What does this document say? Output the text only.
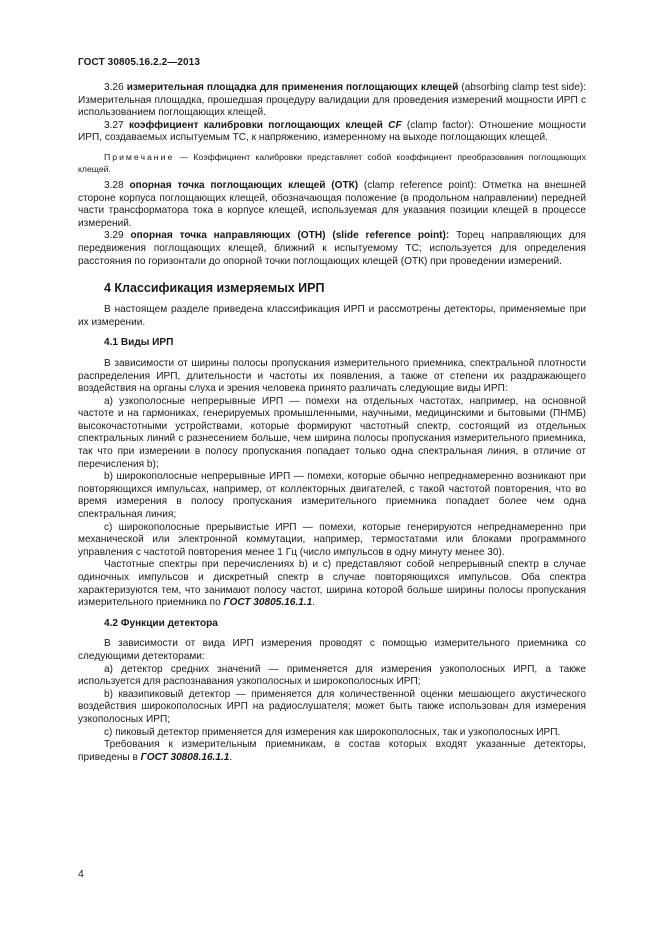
ГОСТ 30805.16.2.2—2013

3.26 измерительная площадка для применения поглощающих клещей (absorbing clamp test side): Измерительная площадка, прошедшая процедуру валидации для проведения измерений мощности ИРП с использованием поглощающих клещей.

3.27 коэффициент калибровки поглощающих клещей CF (clamp factor): Отношение мощности ИРП, создаваемых испытуемым ТС, к напряжению, измеренному на выходе поглощающих клещей.

Примечание — Коэффициент калибровки представляет собой коэффициент преобразования поглощающих клещей.

3.28 опорная точка поглощающих клещей (ОТК) (clamp reference point): Отметка на внешней стороне корпуса поглощающих клещей, обозначающая положение (в продольном направлении) передней части трансформатора тока в корпусе клещей, используемая для указания позиции клещей в процессе измерений.

3.29 опорная точка направляющих (ОТН) (slide reference point): Торец направляющих для передвижения поглощающих клещей, ближний к испытуемому ТС; используется для определения расстояния по горизонтали до опорной точки поглощающих клещей (ОТК) при проведении измерений.

4 Классификация измеряемых ИРП

В настоящем разделе приведена классификация ИРП и рассмотрены детекторы, применяемые при их измерении.

4.1 Виды ИРП

В зависимости от ширины полосы пропускания измерительного приемника, спектральной плотности распределения ИРП, длительности и частоты их появления, а также от степени их раздражающего воздействия на органы слуха и зрения человека принято различать следующие виды ИРП:

а) узкополосные непрерывные ИРП — помехи на отдельных частотах, например, на основной частоте и на гармониках, генерируемых промышленными, научными, медицинскими и бытовыми (ПНМБ) высокочастотными устройствами, которые формируют частотный спектр, состоящий из отдельных спектральных линий с разнесением больше, чем ширина полосы пропускания измерительного приемника, так что при измерении в полосу пропускания попадает только одна спектральная линия, в отличие от перечисления b);

b) широкополосные непрерывные ИРП — помехи, которые обычно непреднамеренно возникают при повторяющихся импульсах, например, от коллекторных двигателей, с такой частотой повторения, что во время измерения в полосу пропускания измерительного приемника попадает более чем одна спектральная линия;

c) широкополосные прерывистые ИРП — помехи, которые генерируются непреднамеренно при механической или электронной коммутации, например, термостатами или блоками программного управления с частотой повторения менее 1 Гц (число импульсов в одну минуту менее 30).

Частотные спектры при перечислениях b) и c) представляют собой непрерывный спектр в случае одиночных импульсов и дискретный спектр в случае повторяющихся импульсов. Оба спектра характеризуются тем, что занимают полосу частот, ширина которой больше ширины полосы пропускания измерительного приемника по ГОСТ 30805.16.1.1.

4.2 Функции детектора

В зависимости от вида ИРП измерения проводят с помощью измерительного приемника со следующими детекторами:

а) детектор средних значений — применяется для измерения узкополосных ИРП, а также используется для распознавания узкополосных и широкополосных ИРП;

b) квазипиковый детектор — применяется для количественной оценки мешающего акустического воздействия широкополосных ИРП на радиослушателя; может быть также использован для измерения узкополосных ИРП;

c) пиковый детектор применяется для измерения как широкополосных, так и узкополосных ИРП.

Требования к измерительным приемникам, в состав которых входят указанные детекторы, приведены в ГОСТ 30808.16.1.1.

4
